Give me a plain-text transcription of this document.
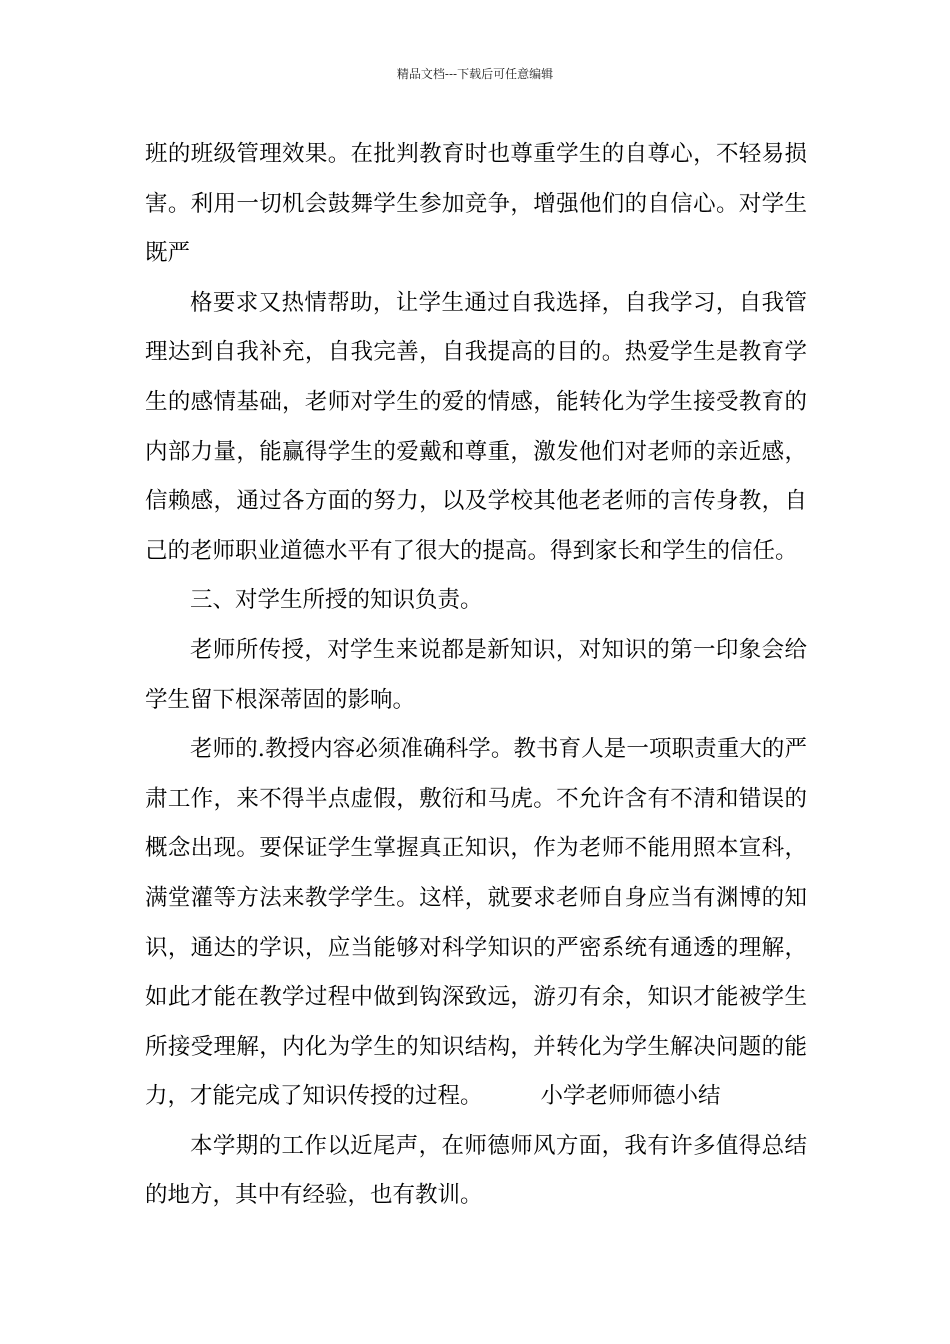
精品文档---下载后可任意编辑

班的班级管理效果。在批判教育时也尊重学生的自尊心，不轻易损害。利用一切机会鼓舞学生参加竞争，增强他们的自信心。对学生既严

格要求又热情帮助，让学生通过自我选择，自我学习，自我管理达到自我补充，自我完善，自我提高的目的。热爱学生是教育学生的感情基础，老师对学生的爱的情感，能转化为学生接受教育的内部力量，能赢得学生的爱戴和尊重，激发他们对老师的亲近感，信赖感，通过各方面的努力，以及学校其他老老师的言传身教，自己的老师职业道德水平有了很大的提高。得到家长和学生的信任。

三、对学生所授的知识负责。

老师所传授，对学生来说都是新知识，对知识的第一印象会给学生留下根深蒂固的影响。

老师的.教授内容必须准确科学。教书育人是一项职责重大的严肃工作，来不得半点虚假，敷衍和马虎。不允许含有不清和错误的概念出现。要保证学生掌握真正知识，作为老师不能用照本宣科，满堂灌等方法来教学学生。这样，就要求老师自身应当有渊博的知识，通达的学识，应当能够对科学知识的严密系统有通透的理解，如此才能在教学过程中做到钩深致远，游刃有余，知识才能被学生所接受理解，内化为学生的知识结构，并转化为学生解决问题的能力，才能完成了知识传授的过程。	小学老师师德小结

本学期的工作以近尾声，在师德师风方面，我有许多值得总结的地方，其中有经验，也有教训。
